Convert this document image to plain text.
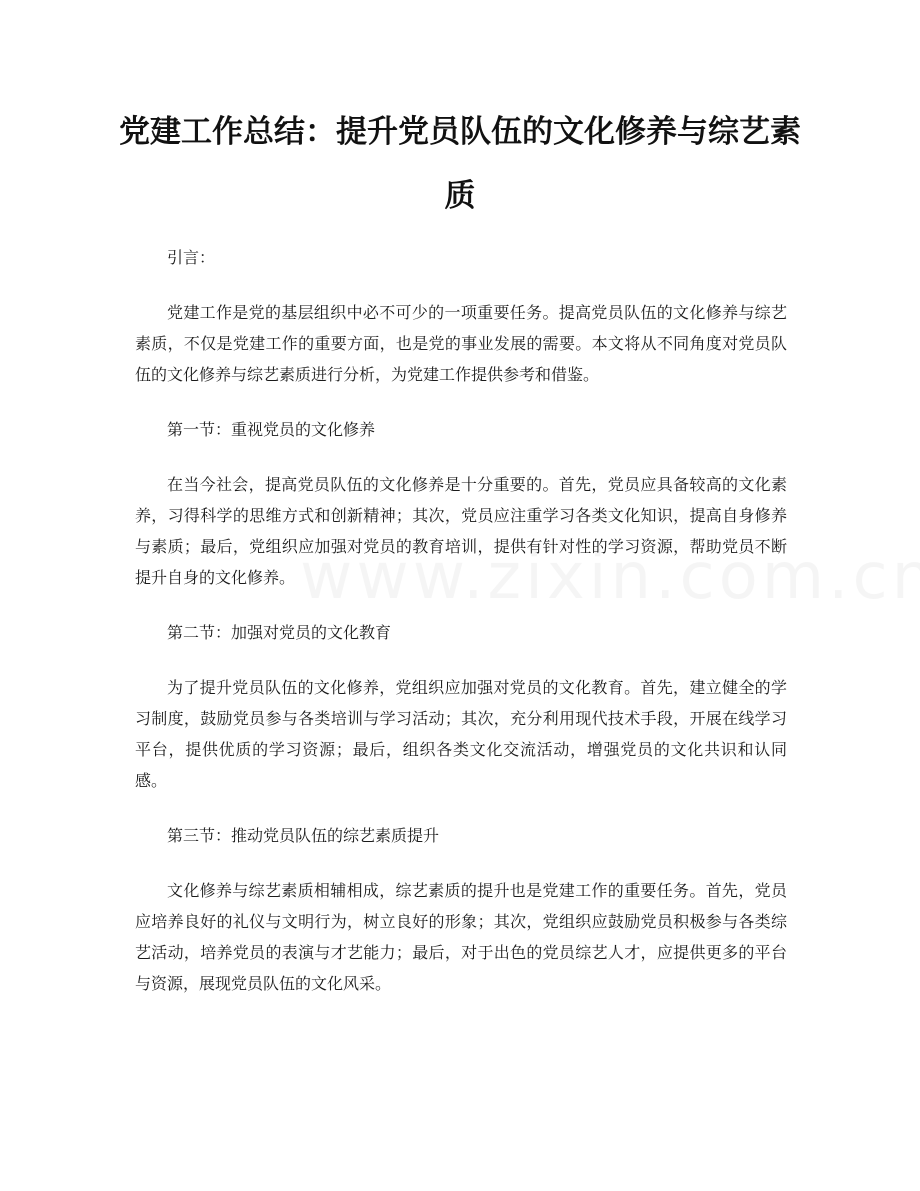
党建工作总结：提升党员队伍的文化修养与综艺素质

引言：

党建工作是党的基层组织中必不可少的一项重要任务。提高党员队伍的文化修养与综艺素质，不仅是党建工作的重要方面，也是党的事业发展的需要。本文将从不同角度对党员队伍的文化修养与综艺素质进行分析，为党建工作提供参考和借鉴。

第一节：重视党员的文化修养

在当今社会，提高党员队伍的文化修养是十分重要的。首先，党员应具备较高的文化素养，习得科学的思维方式和创新精神；其次，党员应注重学习各类文化知识，提高自身修养与素质；最后，党组织应加强对党员的教育培训，提供有针对性的学习资源，帮助党员不断提升自身的文化修养。

第二节：加强对党员的文化教育

为了提升党员队伍的文化修养，党组织应加强对党员的文化教育。首先，建立健全的学习制度，鼓励党员参与各类培训与学习活动；其次，充分利用现代技术手段，开展在线学习平台，提供优质的学习资源；最后，组织各类文化交流活动，增强党员的文化共识和认同感。

第三节：推动党员队伍的综艺素质提升

文化修养与综艺素质相辅相成，综艺素质的提升也是党建工作的重要任务。首先，党员应培养良好的礼仪与文明行为，树立良好的形象；其次，党组织应鼓励党员积极参与各类综艺活动，培养党员的表演与才艺能力；最后，对于出色的党员综艺人才，应提供更多的平台与资源，展现党员队伍的文化风采。
